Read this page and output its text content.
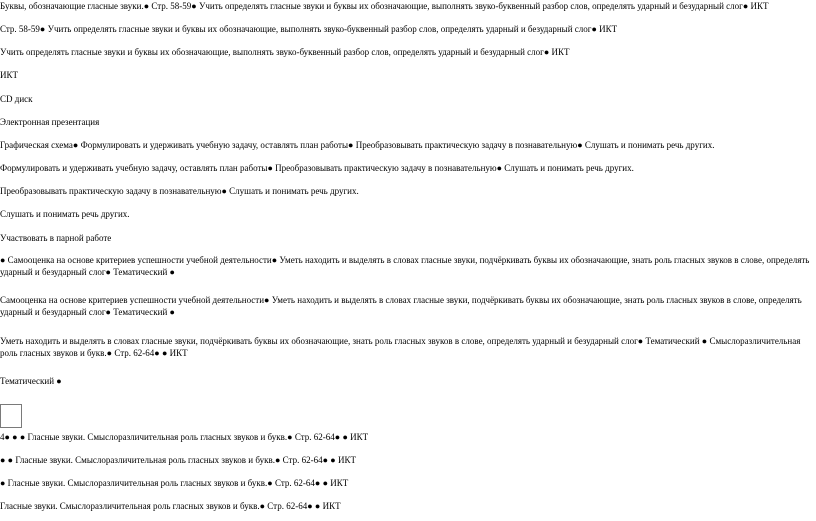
Буквы, обозначающие гласные звуки.● Стр. 58-59● Учить определять гласные звуки и буквы их обозначающие, выполнять звуко-буквенный разбор слов, определять ударный и безударный слог● ИКТ
Стр. 58-59● Учить определять гласные звуки и буквы их обозначающие, выполнять звуко-буквенный разбор слов, определять ударный и безударный слог● ИКТ
Учить определять гласные звуки и буквы их обозначающие, выполнять звуко-буквенный разбор слов, определять ударный и безударный слог● ИКТ
ИКТ
CD диск
Электронная презентация
Графическая схема● Формулировать и удерживать учебную задачу, оставлять план работы● Преобразовывать практическую задачу в познавательную● Слушать и понимать речь других.
Формулировать и удерживать учебную задачу, оставлять план работы● Преобразовывать практическую задачу в познавательную● Слушать и понимать речь других.
Преобразовывать практическую задачу в познавательную● Слушать и понимать речь других.
Слушать и понимать речь других.
Участвовать в парной работе
● Самооценка на основе критериев успешности учебной деятельности● Уметь находить и выделять в словах гласные звуки, подчёркивать буквы их обозначающие, знать роль гласных звуков в слове, определять ударный и безударный слог● Тематический ●
Самооценка на основе критериев успешности учебной деятельности● Уметь находить и выделять в словах гласные звуки, подчёркивать буквы их обозначающие, знать роль гласных звуков в слове, определять ударный и безударный слог● Тематический ●
Уметь находить и выделять в словах гласные звуки, подчёркивать буквы их обозначающие, знать роль гласных звуков в слове, определять ударный и безударный слог● Тематический ● Смыслоразличительная роль гласных звуков и букв.● Стр. 62-64● ● ИКТ
Тематический ●
4● ● ● Гласные звуки. Смыслоразличительная роль гласных звуков и букв.● Стр. 62-64● ● ИКТ
● ● Гласные звуки. Смыслоразличительная роль гласных звуков и букв.● Стр. 62-64● ● ИКТ
● Гласные звуки. Смыслоразличительная роль гласных звуков и букв.● Стр. 62-64● ● ИКТ
Гласные звуки. Смыслоразличительная роль гласных звуков и букв.● Стр. 62-64● ● ИКТ
